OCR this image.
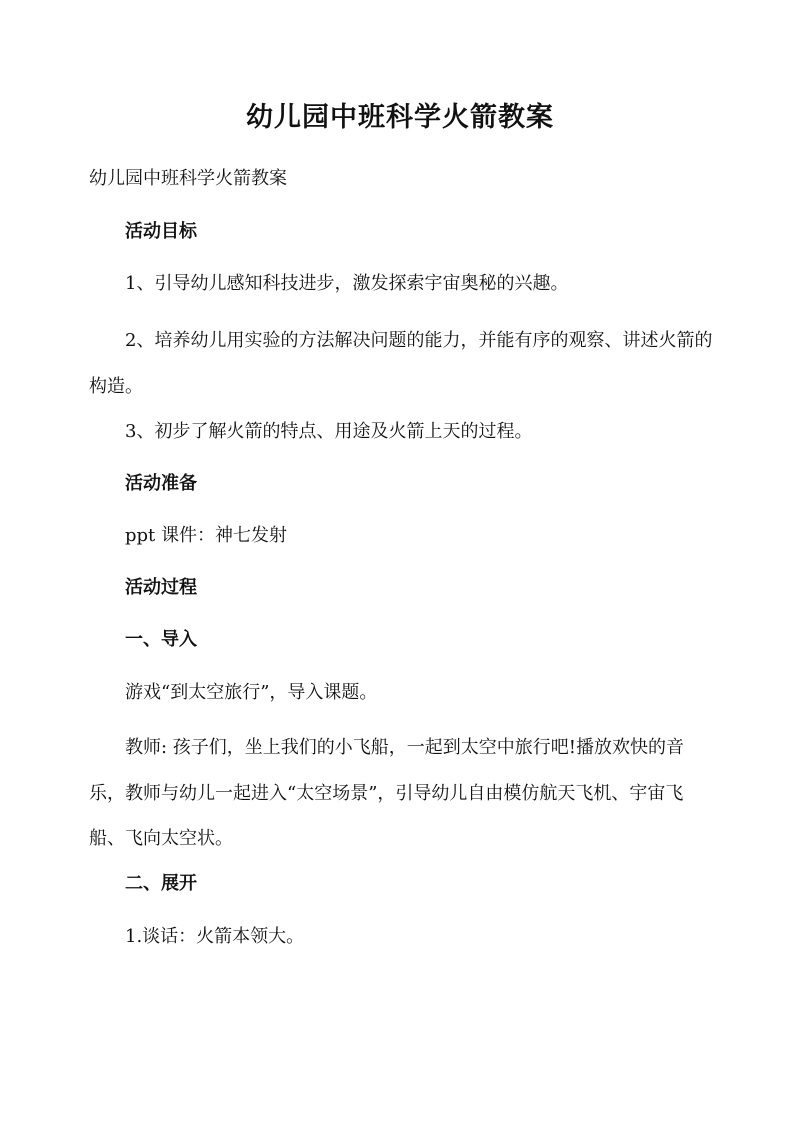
幼儿园中班科学火箭教案
幼儿园中班科学火箭教案
活动目标
1、引导幼儿感知科技进步，激发探索宇宙奥秘的兴趣。
2、培养幼儿用实验的方法解决问题的能力，并能有序的观察、讲述火箭的构造。
3、初步了解火箭的特点、用途及火箭上天的过程。
活动准备
ppt 课件：神七发射
活动过程
一、导入
游戏“到太空旅行”，导入课题。
教师: 孩子们，坐上我们的小飞船，一起到太空中旅行吧!播放欢快的音乐，教师与幼儿一起进入“太空场景”，引导幼儿自由模仿航天飞机、宇宙飞船、飞向太空状。
二、展开
1.谈话：火箭本领大。
